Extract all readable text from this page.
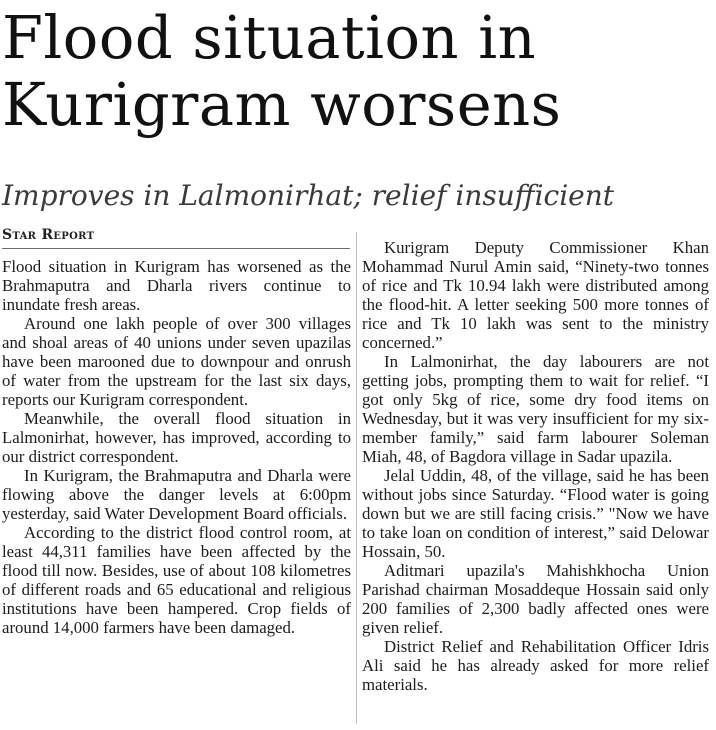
Flood situation in Kurigram worsens
Improves in Lalmonirhat; relief insufficient
Star Report

Flood situation in Kurigram has worsened as the Brahmaputra and Dharla rivers continue to inundate fresh areas.

Around one lakh people of over 300 villages and shoal areas of 40 unions under seven upazilas have been marooned due to downpour and onrush of water from the upstream for the last six days, reports our Kurigram correspondent.

Meanwhile, the overall flood situation in Lalmonirhat, however, has improved, according to our district correspondent.

In Kurigram, the Brahmaputra and Dharla were flowing above the danger levels at 6:00pm yesterday, said Water Development Board officials.

According to the district flood control room, at least 44,311 families have been affected by the flood till now. Besides, use of about 108 kilometres of different roads and 65 educational and religious institutions have been hampered. Crop fields of around 14,000 farmers have been damaged.

Kurigram Deputy Commissioner Khan Mohammad Nurul Amin said, “Ninety-two tonnes of rice and Tk 10.94 lakh were distributed among the flood-hit. A letter seeking 500 more tonnes of rice and Tk 10 lakh was sent to the ministry concerned.”

In Lalmonirhat, the day labourers are not getting jobs, prompting them to wait for relief. “I got only 5kg of rice, some dry food items on Wednesday, but it was very insufficient for my six-member family,” said farm labourer Soleman Miah, 48, of Bagdora village in Sadar upazila.

Jelal Uddin, 48, of the village, said he has been without jobs since Saturday. “Flood water is going down but we are still facing crisis.” "Now we have to take loan on condition of interest,” said Delowar Hossain, 50.

Aditmari upazila's Mahishkhocha Union Parishad chairman Mosaddeque Hossain said only 200 families of 2,300 badly affected ones were given relief.

District Relief and Rehabilitation Officer Idris Ali said he has already asked for more relief materials.
